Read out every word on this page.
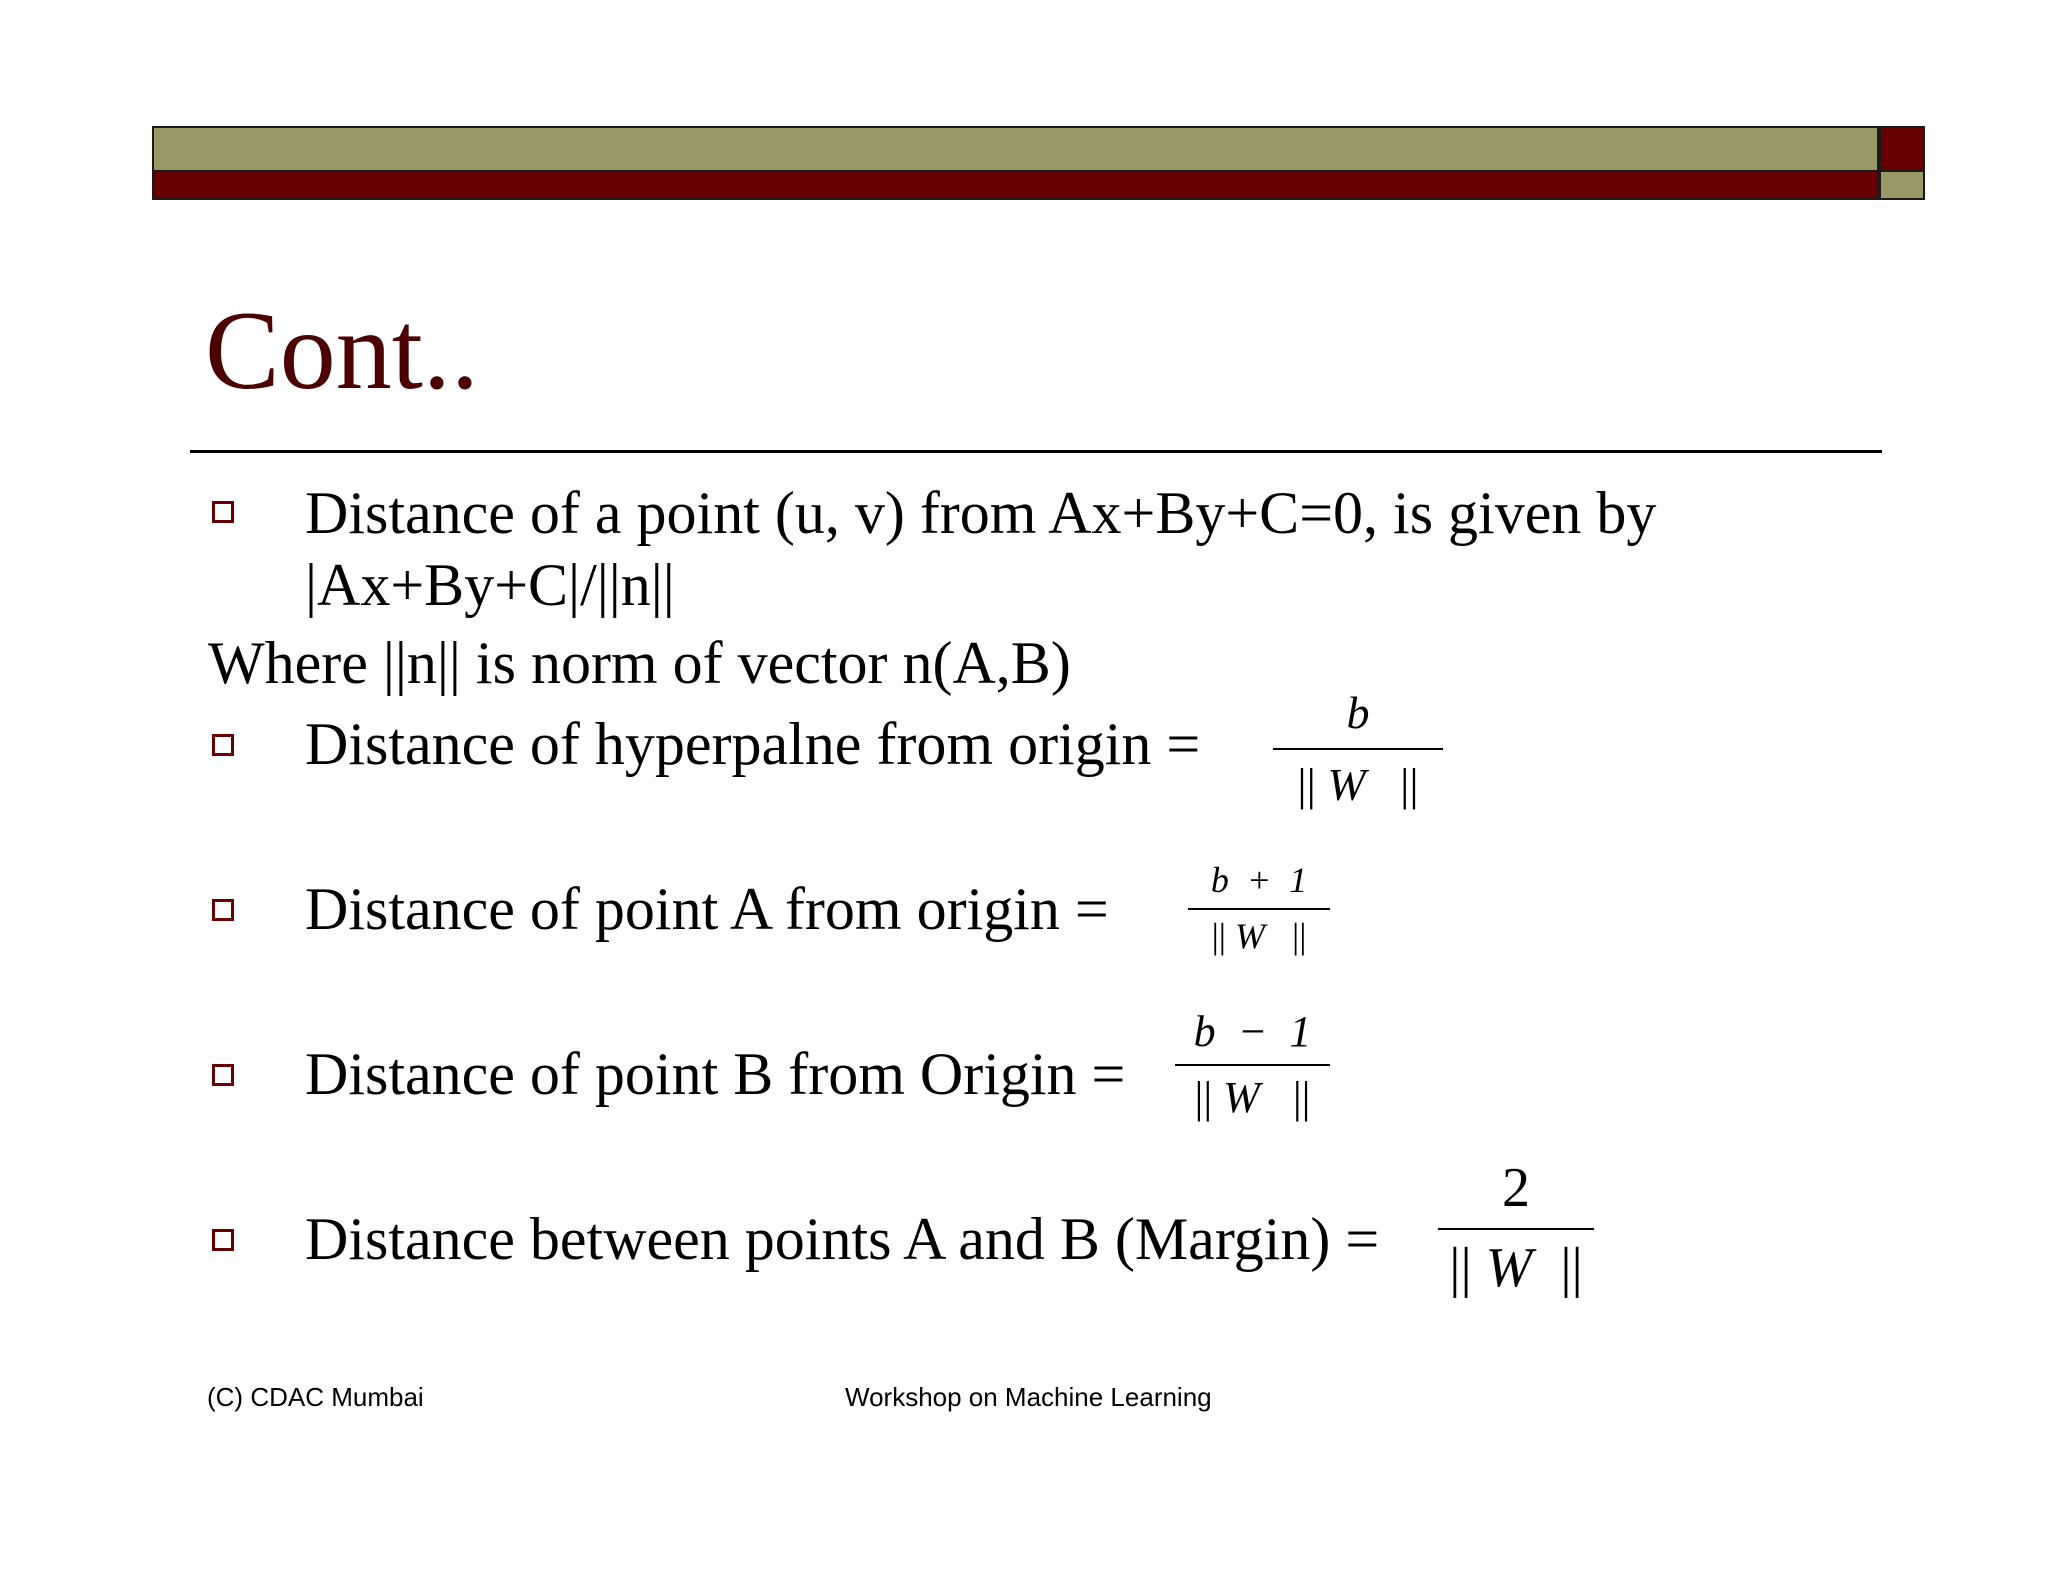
Cont..
Distance of a point (u, v) from Ax+By+C=0, is given by
|Ax+By+C|/||n||
Where ||n|| is norm of vector n(A,B)
Distance of hyperpalne from origin =	b
|| W ||
Distance of point A from origin =	b  +  1
|| W ||
Distance of point B from Origin =
b  −  1
|| W ||
Distance between points A and B (Margin) =
2
|| W ||
(C) CDAC Mumbai	Workshop on Machine Learning
